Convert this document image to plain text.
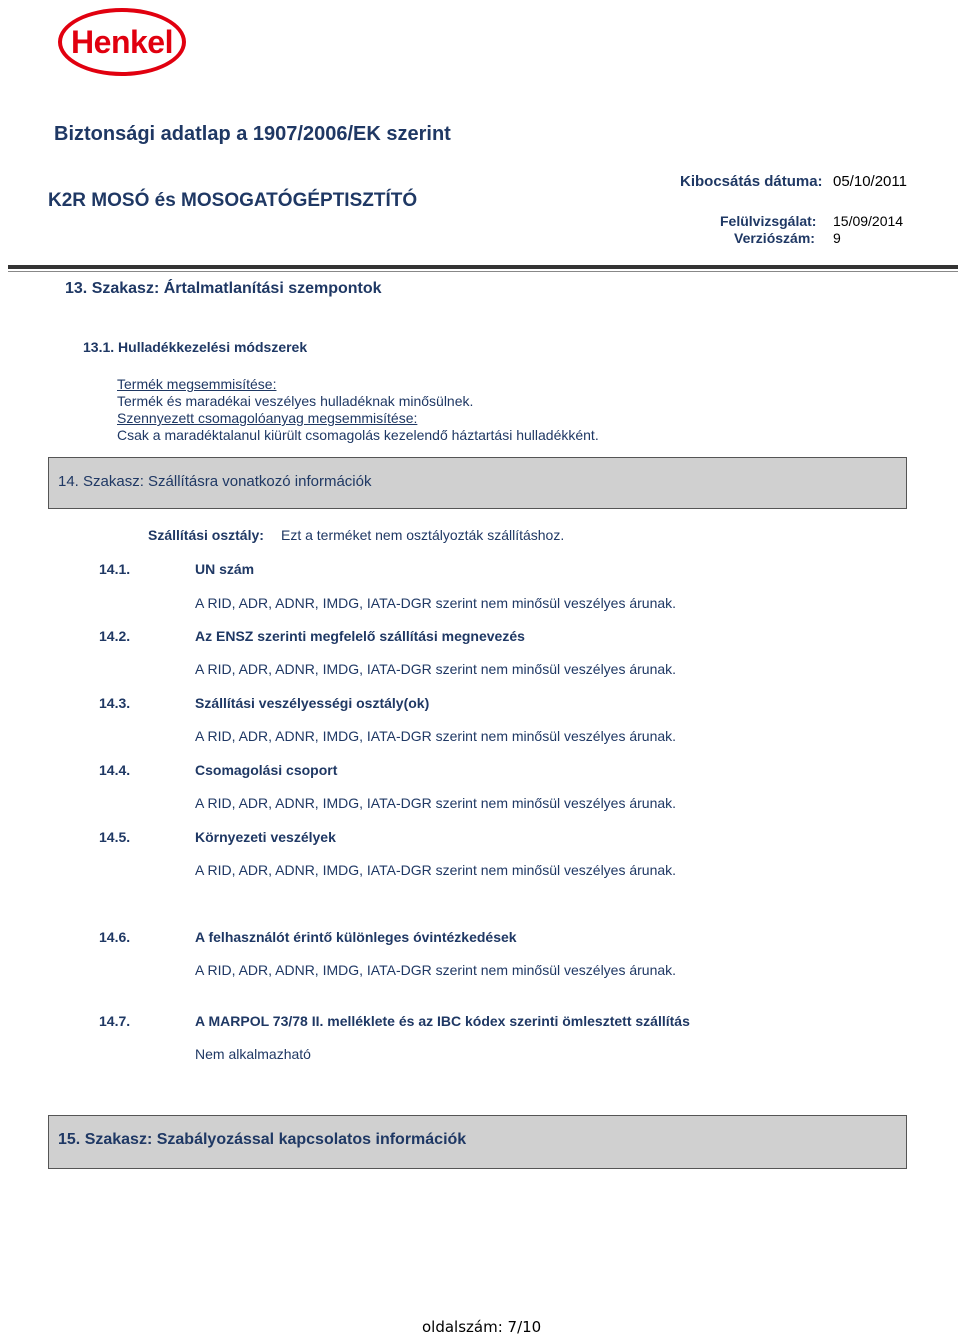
Henkel
Biztonsági adatlap a 1907/2006/EK szerint
K2R MOSÓ és MOSOGATÓGÉPTISZTÍTÓ
Kibocsátás dátuma: 05/10/2011
Felülvizsgálat: 15/09/2014
Verziószám: 9
13. Szakasz: Ártalmatlanítási szempontok
13.1. Hulladékkezelési módszerek
Termék megsemmisítése:
Termék és maradékai veszélyes hulladéknak minősülnek.
Szennyezett csomagolóanyag megsemmisítése:
Csak a maradéktalanul kiürült csomagolás kezelendő háztartási hulladékként.
14. Szakasz: Szállításra vonatkozó információk
Szállítási osztály: Ezt a terméket nem osztályozták szállításhoz.
14.1.	UN szám
A RID, ADR, ADNR, IMDG, IATA-DGR szerint nem minősül veszélyes árunak.
14.2.	Az ENSZ szerinti megfelelő szállítási megnevezés
A RID, ADR, ADNR, IMDG, IATA-DGR szerint nem minősül veszélyes árunak.
14.3.	Szállítási veszélyességi osztály(ok)
A RID, ADR, ADNR, IMDG, IATA-DGR szerint nem minősül veszélyes árunak.
14.4.	Csomagolási csoport
A RID, ADR, ADNR, IMDG, IATA-DGR szerint nem minősül veszélyes árunak.
14.5.	Környezeti veszélyek
A RID, ADR, ADNR, IMDG, IATA-DGR szerint nem minősül veszélyes árunak.
14.6.	A felhasználót érintő különleges óvintézkedések
A RID, ADR, ADNR, IMDG, IATA-DGR szerint nem minősül veszélyes árunak.
14.7.	A MARPOL 73/78 II. melléklete és az IBC kódex szerinti ömlesztett szállítás
Nem alkalmazható
15. Szakasz: Szabályozással kapcsolatos információk
oldalszám: 7/10
